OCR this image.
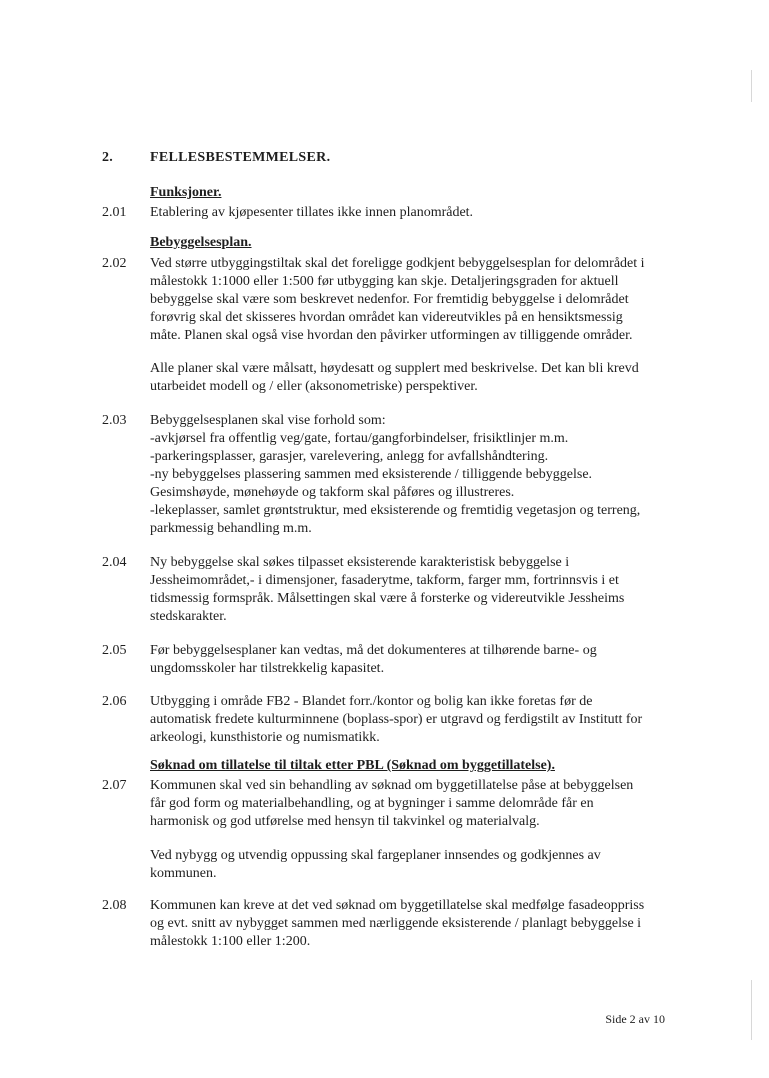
2.	FELLESBESTEMMELSER.
Funksjoner.
2.01 Etablering av kjøpesenter tillates ikke innen planområdet.
Bebyggelsesplan.
2.02 Ved større utbyggingstiltak skal det foreligge godkjent bebyggelsesplan for delområdet i
målestokk 1:1000 eller 1:500 før utbygging kan skje. Detaljeringsgraden for aktuell
bebyggelse skal være som beskrevet nedenfor. For fremtidig bebyggelse i delområdet
forøvrig skal det skisseres hvordan området kan videreutvikles på en hensiktsmessig
måte. Planen skal også vise hvordan den påvirker utformingen av tilliggende områder.
Alle planer skal være målsatt, høydesatt og supplert med beskrivelse. Det kan bli krevd
utarbeidet modell og / eller (aksonometriske) perspektiver.
2.03 Bebyggelsesplanen skal vise forhold som:
-avkjørsel fra offentlig veg/gate, fortau/gangforbindelser, frisiktlinjer m.m.
-parkeringsplasser, garasjer, varelevering, anlegg for avfallshåndtering.
-ny bebyggelses plassering sammen med eksisterende / tilliggende bebyggelse.
Gesimshøyde, mønehøyde og takform skal påføres og illustreres.
-lekeplasser, samlet grøntstruktur, med eksisterende og fremtidig vegetasjon og terreng,
parkmessig behandling m.m.
2.04 Ny bebyggelse skal søkes tilpasset eksisterende karakteristisk bebyggelse i
Jessheimområdet,- i dimensjoner, fasaderytme, takform, farger mm, fortrinnsvis i et
tidsmessig formspråk. Målsettingen skal være å forsterke og videreutvikle Jessheims
stedskarakter.
2.05 Før bebyggelsesplaner kan vedtas, må det dokumenteres at tilhørende barne- og
ungdomsskoler har tilstrekkelig kapasitet.
2.06 Utbygging i område FB2 - Blandet forr./kontor og bolig kan ikke foretas før de
automatisk fredete kulturminnene (boplass-spor) er utgravd og ferdigstilt av Institutt for
arkeologi, kunsthistorie og numismatikk.
Søknad om tillatelse til tiltak etter PBL (Søknad om byggetillatelse).
2.07 Kommunen skal ved sin behandling av søknad om byggetillatelse påse at bebyggelsen
får god form og materialbehandling, og at bygninger i samme delområde får en
harmonisk og god utførelse med hensyn til takvinkel og materialvalg.
Ved nybygg og utvendig oppussing skal fargeplaner innsendes og godkjennes av
kommunen.
2.08 Kommunen kan kreve at det ved søknad om byggetillatelse skal medfølge fasadeoppriss
og evt. snitt av nybygget sammen med nærliggende eksisterende / planlagt bebyggelse i
målestokk 1:100 eller 1:200.
Side 2 av 10
